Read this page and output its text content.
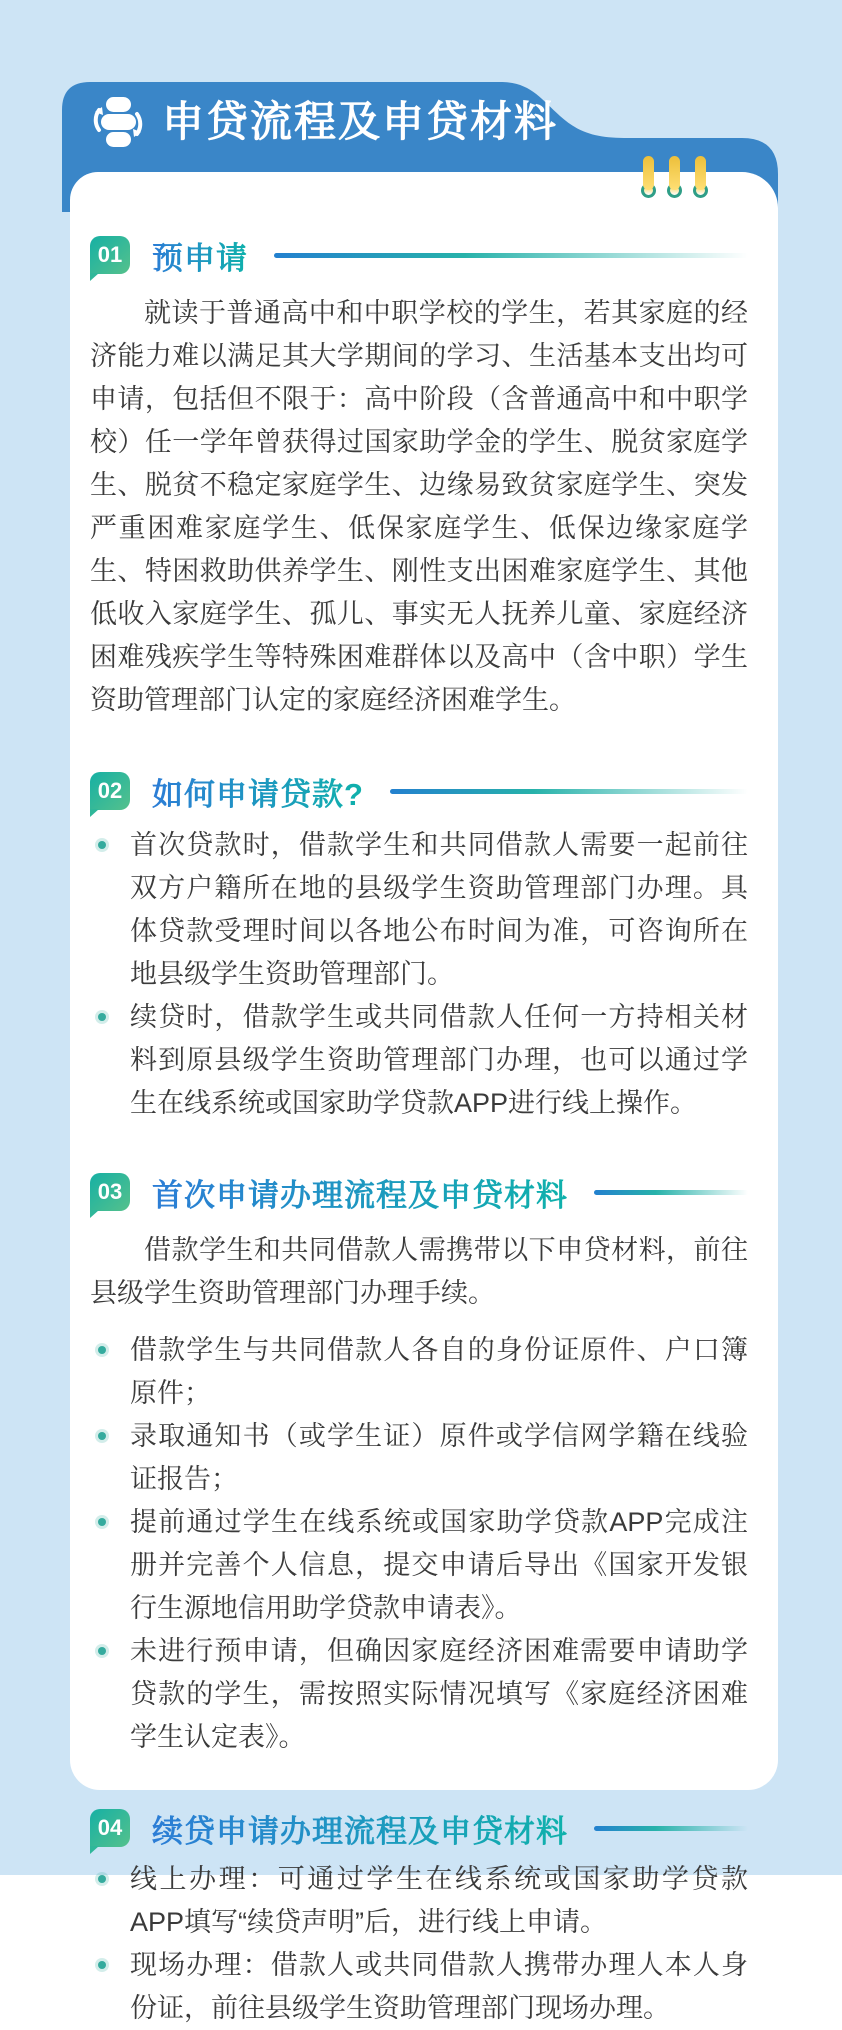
申贷流程及申贷材料
01 预申请

就读于普通高中和中职学校的学生，若其家庭的经济能力难以满足其大学期间的学习、生活基本支出均可申请，包括但不限于：高中阶段（含普通高中和中职学校）任一学年曾获得过国家助学金的学生、脱贫家庭学生、脱贫不稳定家庭学生、边缘易致贫家庭学生、突发严重困难家庭学生、低保家庭学生、低保边缘家庭学生、特困救助供养学生、刚性支出困难家庭学生、其他低收入家庭学生、孤儿、事实无人抚养儿童、家庭经济困难残疾学生等特殊困难群体以及高中（含中职）学生资助管理部门认定的家庭经济困难学生。

02 如何申请贷款?
首次贷款时，借款学生和共同借款人需要一起前往双方户籍所在地的县级学生资助管理部门办理。具体贷款受理时间以各地公布时间为准，可咨询所在地县级学生资助管理部门。
续贷时，借款学生或共同借款人任何一方持相关材料到原县级学生资助管理部门办理，也可以通过学生在线系统或国家助学贷款APP进行线上操作。
03 首次申请办理流程及申贷材料

借款学生和共同借款人需携带以下申贷材料，前往县级学生资助管理部门办理手续。

借款学生与共同借款人各自的身份证原件、户口簿原件；
录取通知书（或学生证）原件或学信网学籍在线验证报告；
提前通过学生在线系统或国家助学贷款APP完成注册并完善个人信息，提交申请后导出《国家开发银行生源地信用助学贷款申请表》。
未进行预申请，但确因家庭经济困难需要申请助学贷款的学生，需按照实际情况填写《家庭经济困难学生认定表》。
04 续贷申请办理流程及申贷材料
线上办理：可通过学生在线系统或国家助学贷款APP填写“续贷声明”后，进行线上申请。
现场办理：借款人或共同借款人携带办理人本人身份证，前往县级学生资助管理部门现场办理。
